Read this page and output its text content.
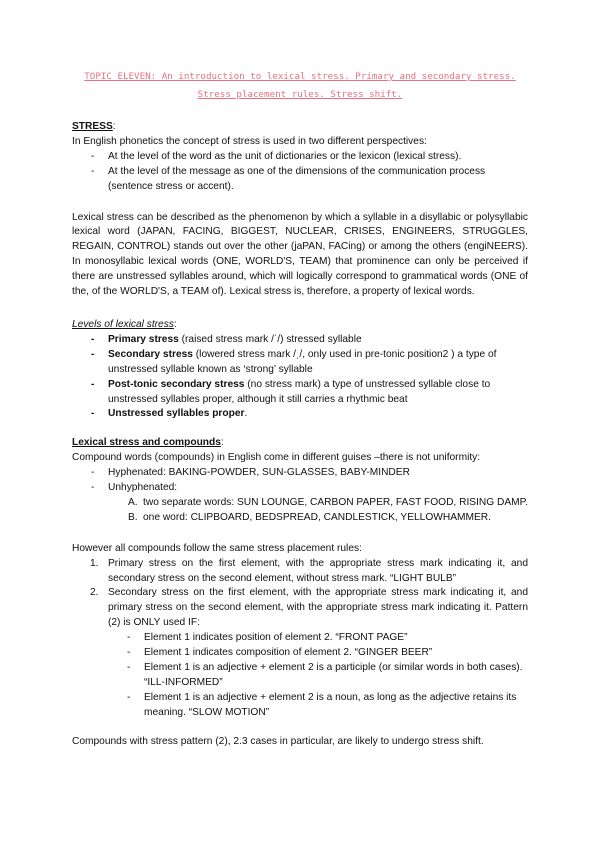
TOPIC ELEVEN: An introduction to lexical stress. Primary and secondary stress.
Stress placement rules. Stress shift.
STRESS:
In English phonetics the concept of stress is used in two different perspectives:
- At the level of the word as the unit of dictionaries or the lexicon (lexical stress).
- At the level of the message as one of the dimensions of the communication process (sentence stress or accent).
Lexical stress can be described as the phenomenon by which a syllable in a disyllabic or polysyllabic lexical word (JAPAN, FACING, BIGGEST, NUCLEAR, CRISES, ENGINEERS, STRUGGLES, REGAIN, CONTROL) stands out over the other (jaPAN, FACing) or among the others (engiNEERS). In monosyllabic lexical words (ONE, WORLD'S, TEAM) that prominence can only be perceived if there are unstressed syllables around, which will logically correspond to grammatical words (ONE of the, of the WORLD'S, a TEAM of). Lexical stress is, therefore, a property of lexical words.
Levels of lexical stress:
- Primary stress (raised stress mark /ˈ/) stressed syllable
- Secondary stress (lowered stress mark /ˌ/, only used in pre-tonic position2 ) a type of unstressed syllable known as ‘strong’ syllable
- Post-tonic secondary stress (no stress mark) a type of unstressed syllable close to unstressed syllables proper, although it still carries a rhythmic beat
- Unstressed syllables proper.
Lexical stress and compounds:
Compound words (compounds) in English come in different guises –there is not uniformity:
- Hyphenated: BAKING-POWDER, SUN-GLASSES, BABY-MINDER
- Unhyphenated:
A. two separate words: SUN LOUNGE, CARBON PAPER, FAST FOOD, RISING DAMP.
B. one word: CLIPBOARD, BEDSPREAD, CANDLESTICK, YELLOWHAMMER.
However all compounds follow the same stress placement rules:
1. Primary stress on the first element, with the appropriate stress mark indicating it, and secondary stress on the second element, without stress mark. “LIGHT BULB”
2. Secondary stress on the first element, with the appropriate stress mark indicating it, and primary stress on the second element, with the appropriate stress mark indicating it. Pattern (2) is ONLY used IF:
- Element 1 indicates position of element 2. “FRONT PAGE”
- Element 1 indicates composition of element 2. “GINGER BEER”
- Element 1 is an adjective + element 2 is a participle (or similar words in both cases). “ILL-INFORMED”
- Element 1 is an adjective + element 2 is a noun, as long as the adjective retains its meaning. “SLOW MOTION”
Compounds with stress pattern (2), 2.3 cases in particular, are likely to undergo stress shift.
